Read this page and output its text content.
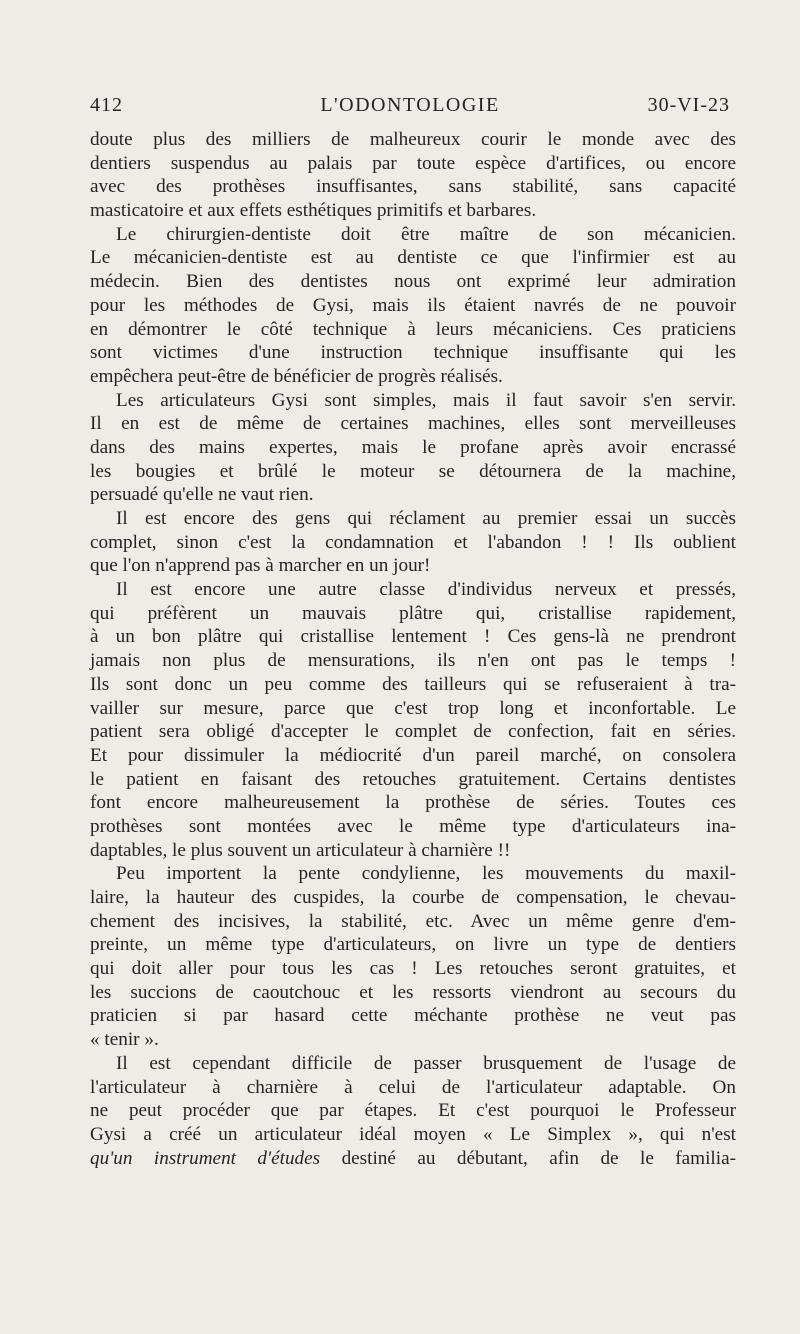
412	L'ODONTOLOGIE	30-VI-23
doute plus des milliers de malheureux courir le monde avec des
dentiers suspendus au palais par toute espèce d'artifices, ou encore
avec des prothèses insuffisantes, sans stabilité, sans capacité
masticatoire et aux effets esthétiques primitifs et barbares.
Le chirurgien-dentiste doit être maître de son mécanicien.
Le mécanicien-dentiste est au dentiste ce que l'infirmier est au
médecin. Bien des dentistes nous ont exprimé leur admiration
pour les méthodes de Gysi, mais ils étaient navrés de ne pouvoir
en démontrer le côté technique à leurs mécaniciens. Ces praticiens
sont victimes d'une instruction technique insuffisante qui les
empêchera peut-être de bénéficier de progrès réalisés.
Les articulateurs Gysi sont simples, mais il faut savoir s'en servir.
Il en est de même de certaines machines, elles sont merveilleuses
dans des mains expertes, mais le profane après avoir encrassé
les bougies et brûlé le moteur se détournera de la machine,
persuadé qu'elle ne vaut rien.
Il est encore des gens qui réclament au premier essai un succès
complet, sinon c'est la condamnation et l'abandon ! ! Ils oublient
que l'on n'apprend pas à marcher en un jour!
Il est encore une autre classe d'individus nerveux et pressés,
qui préfèrent un mauvais plâtre qui, cristallise rapidement,
à un bon plâtre qui cristallise lentement ! Ces gens-là ne prendront
jamais non plus de mensurations, ils n'en ont pas le temps !
Ils sont donc un peu comme des tailleurs qui se refuseraient à tra-
vailler sur mesure, parce que c'est trop long et inconfortable. Le
patient sera obligé d'accepter le complet de confection, fait en séries.
Et pour dissimuler la médiocrité d'un pareil marché, on consolera
le patient en faisant des retouches gratuitement. Certains dentistes
font encore malheureusement la prothèse de séries. Toutes ces
prothèses sont montées avec le même type d'articulateurs ina-
daptables, le plus souvent un articulateur à charnière !!
Peu importent la pente condylienne, les mouvements du maxil-
laire, la hauteur des cuspides, la courbe de compensation, le chevau-
chement des incisives, la stabilité, etc. Avec un même genre d'em-
preinte, un même type d'articulateurs, on livre un type de dentiers
qui doit aller pour tous les cas ! Les retouches seront gratuites, et
les succions de caoutchouc et les ressorts viendront au secours du
praticien si par hasard cette méchante prothèse ne veut pas
« tenir ».
Il est cependant difficile de passer brusquement de l'usage de
l'articulateur à charnière à celui de l'articulateur adaptable. On
ne peut procéder que par étapes. Et c'est pourquoi le Professeur
Gysi a créé un articulateur idéal moyen « Le Simplex », qui n'est
qu'un instrument d'études destiné au débutant, afin de le familia-
